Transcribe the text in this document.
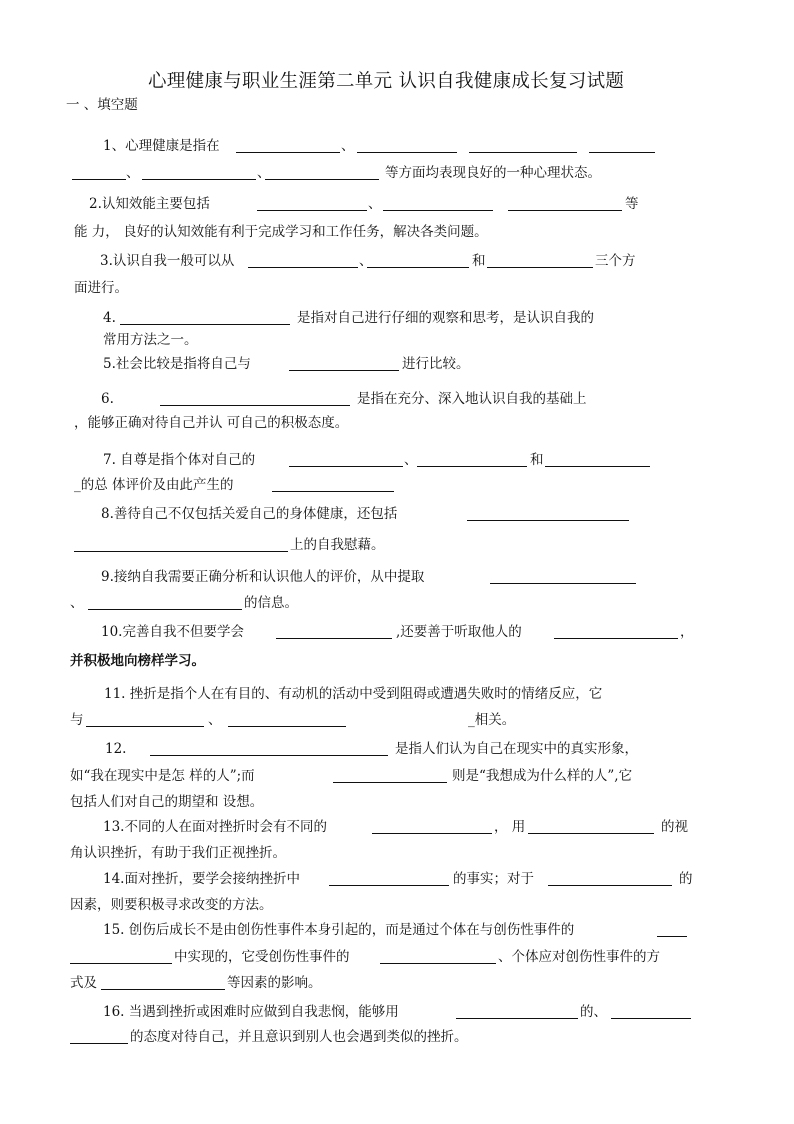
心理健康与职业生涯第二单元 认识自我健康成长复习试题
一 、填空题
1、心理健康是指在	、
、	、	等方面均表现良好的一种心理状态。
2.认知效能主要包括	、	等
能 力， 良好的认知效能有利于完成学习和工作任务，解决各类问题。
3.认识自我一般可以从	、	和	三个方
面进行。
4.	是指对自己进行仔细的观察和思考，是认识自我的
常用方法之一。
5.社会比较是指将自己与	进行比较。
6.	是指在充分、深入地认识自我的基础上
，能够正确对待自己并认 可自己的积极态度。
7. 自尊是指个体对自己的	、	和
_的总 体评价及由此产生的
8.善待自己不仅包括关爱自己的身体健康，还包括
上的自我慰藉。
9.接纳自我需要正确分析和认识他人的评价，从中提取
、	的信息。
10.完善自我不但要学会	,还要善于听取他人的	，
并积极地向榜样学习。
11. 挫折是指个人在有目的、有动机的活动中受到阻碍或遭遇失败时的情绪反应，它
与	、	_相关。
12.	是指人们认为自己在现实中的真实形象，
如“我在现实中是怎 样的人”;而	则是“我想成为什么样的人”,它
包括人们对自己的期望和 设想。
13.不同的人在面对挫折时会有不同的	， 用	的视
角认识挫折，有助于我们正视挫折。
14.面对挫折，要学会接纳挫折中	的事实；对于	的
因素，则要积极寻求改变的方法。
15. 创伤后成长不是由创伤性事件本身引起的，而是通过个体在与创伤性事件的
中实现的，它受创伤性事件的	、个体应对创伤性事件的方
式及	等因素的影响。
16. 当遇到挫折或困难时应做到自我悲悯，能够用	的、
的态度对待自己，并且意识到别人也会遇到类似的挫折。
